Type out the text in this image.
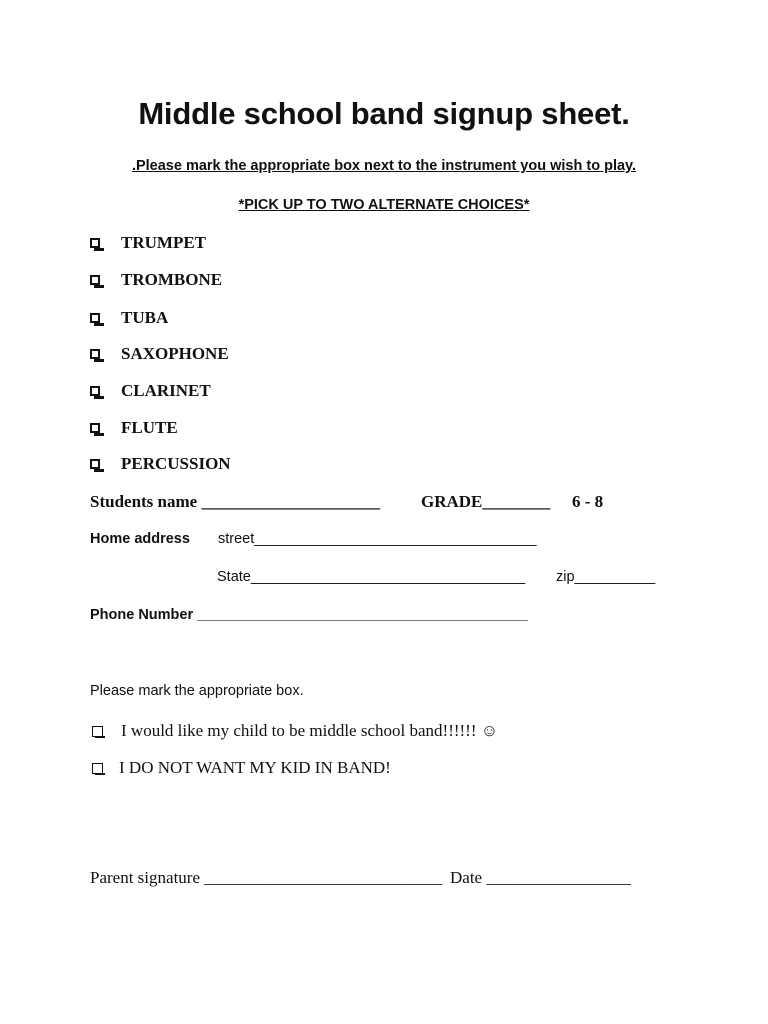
Middle school band signup sheet.
.Please mark the appropriate box next to the instrument you wish to play.
*PICK UP TO TWO ALTERNATE CHOICES*
TRUMPET
TROMBONE
TUBA
SAXOPHONE
CLARINET
FLUTE
PERCUSSION
Students name _____________________ GRADE________ 6 - 8
Home address street___________________________________
State__________________________________ zip__________
Phone Number _________________________________________
Please mark the appropriate box.
I would like my child to be middle school band!!!!!! ☺
I DO NOT WANT MY KID IN BAND!
Parent signature ____________________________ Date _________________
